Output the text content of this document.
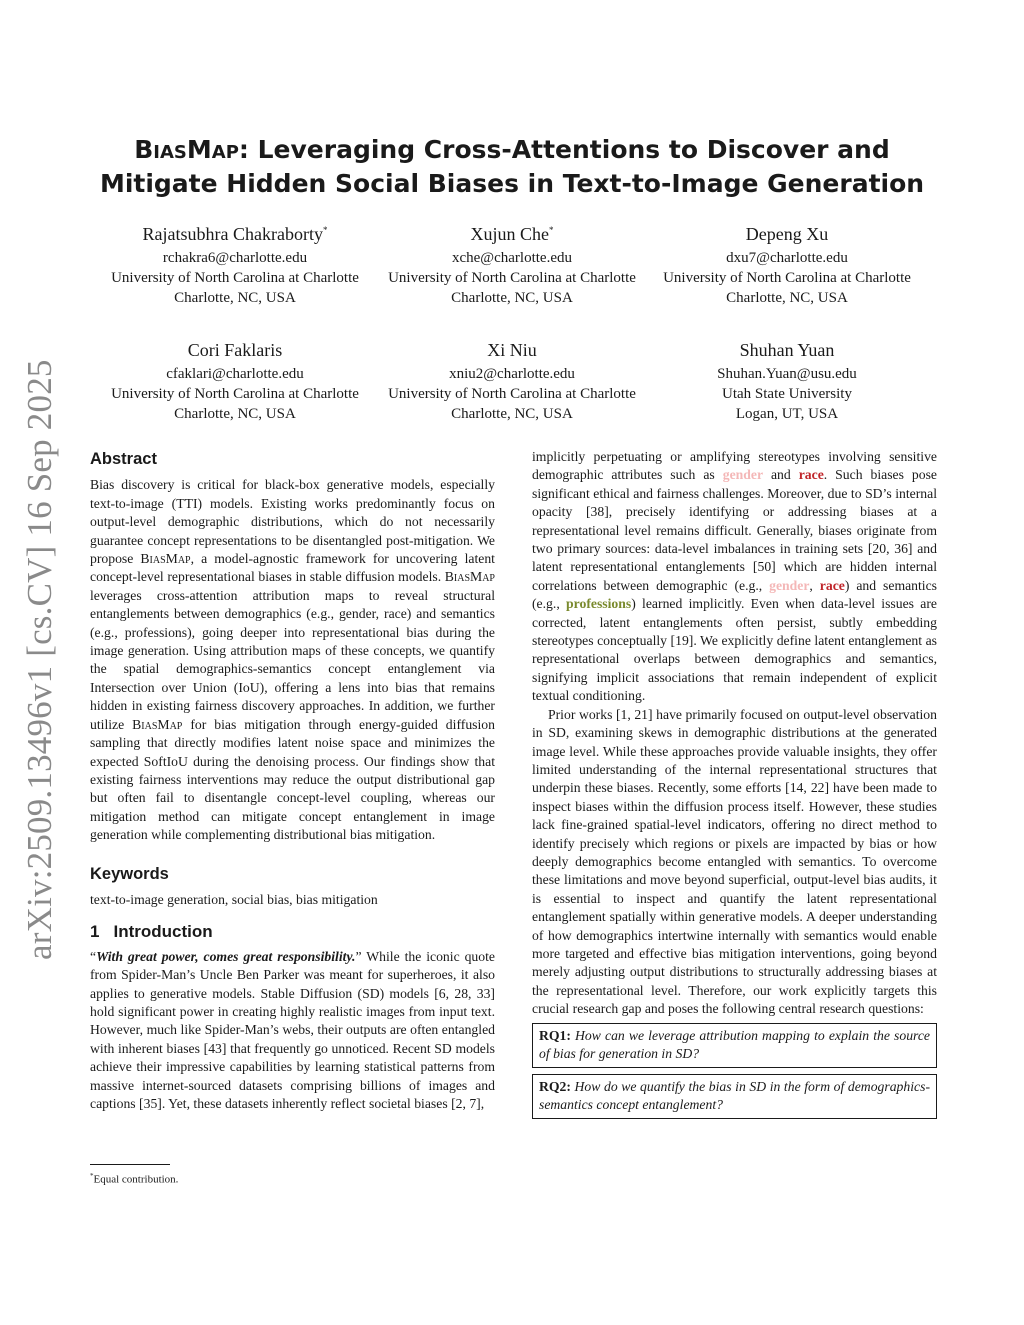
arXiv:2509.13496v1 [cs.CV] 16 Sep 2025
BiasMap: Leveraging Cross-Attentions to Discover and Mitigate Hidden Social Biases in Text-to-Image Generation
Rajatsubhra Chakraborty*
rchakra6@charlotte.edu
University of North Carolina at Charlotte
Charlotte, NC, USA
Xujun Che*
xche@charlotte.edu
University of North Carolina at Charlotte
Charlotte, NC, USA
Depeng Xu
dxu7@charlotte.edu
University of North Carolina at Charlotte
Charlotte, NC, USA
Cori Faklaris
cfaklari@charlotte.edu
University of North Carolina at Charlotte
Charlotte, NC, USA
Xi Niu
xniu2@charlotte.edu
University of North Carolina at Charlotte
Charlotte, NC, USA
Shuhan Yuan
Shuhan.Yuan@usu.edu
Utah State University
Logan, UT, USA
Abstract

Bias discovery is critical for black-box generative models, especially text-to-image (TTI) models. Existing works predominantly focus on output-level demographic distributions, which do not necessarily guarantee concept representations to be disentangled post-mitigation. We propose BiasMap, a model-agnostic framework for uncovering latent concept-level representational biases in stable diffusion models. BiasMap leverages cross-attention attribution maps to reveal structural entanglements between demographics (e.g., gender, race) and semantics (e.g., professions), going deeper into representational bias during the image generation. Using attribution maps of these concepts, we quantify the spatial demographics-semantics concept entanglement via Intersection over Union (IoU), offering a lens into bias that remains hidden in existing fairness discovery approaches. In addition, we further utilize BiasMap for bias mitigation through energy-guided diffusion sampling that directly modifies latent noise space and minimizes the expected SoftIoU during the denoising process. Our findings show that existing fairness interventions may reduce the output distributional gap but often fail to disentangle concept-level coupling, whereas our mitigation method can mitigate concept entanglement in image generation while complementing distributional bias mitigation.

Keywords

text-to-image generation, social bias, bias mitigation

1 Introduction

“With great power, comes great responsibility.” While the iconic quote from Spider-Man’s Uncle Ben Parker was meant for superheroes, it also applies to generative models. Stable Diffusion (SD) models [6, 28, 33] hold significant power in creating highly realistic images from input text. However, much like Spider-Man’s webs, their outputs are often entangled with inherent biases [43] that frequently go unnoticed. Recent SD models achieve their impressive capabilities by learning statistical patterns from massive internet-sourced datasets comprising billions of images and captions [35]. Yet, these datasets inherently reflect societal biases [2, 7],

implicitly perpetuating or amplifying stereotypes involving sensitive demographic attributes such as gender and race. Such biases pose significant ethical and fairness challenges. Moreover, due to SD’s internal opacity [38], precisely identifying or addressing biases at a representational level remains difficult. Generally, biases originate from two primary sources: data-level imbalances in training sets [20, 36] and latent representational entanglements [50] which are hidden internal correlations between demographic (e.g., gender, race) and semantics (e.g., professions) learned implicitly. Even when data-level issues are corrected, latent entanglements often persist, subtly embedding stereotypes conceptually [19]. We explicitly define latent entanglement as representational overlaps between demographics and semantics, signifying implicit associations that remain independent of explicit textual conditioning.

Prior works [1, 21] have primarily focused on output-level observation in SD, examining skews in demographic distributions at the generated image level. While these approaches provide valuable insights, they offer limited understanding of the internal representational structures that underpin these biases. Recently, some efforts [14, 22] have been made to inspect biases within the diffusion process itself. However, these studies lack fine-grained spatial-level indicators, offering no direct method to identify precisely which regions or pixels are impacted by bias or how deeply demographics become entangled with semantics. To overcome these limitations and move beyond superficial, output-level bias audits, it is essential to inspect and quantify the latent representational entanglement spatially within generative models. A deeper understanding of how demographics intertwine internally with semantics would enable more targeted and effective bias mitigation interventions, going beyond merely adjusting output distributions to structurally addressing biases at the representational level. Therefore, our work explicitly targets this crucial research gap and poses the following central research questions:

RQ1: How can we leverage attribution mapping to explain the source of bias for generation in SD?
RQ2: How do we quantify the bias in SD in the form of demographics-semantics concept entanglement?
*Equal contribution.
